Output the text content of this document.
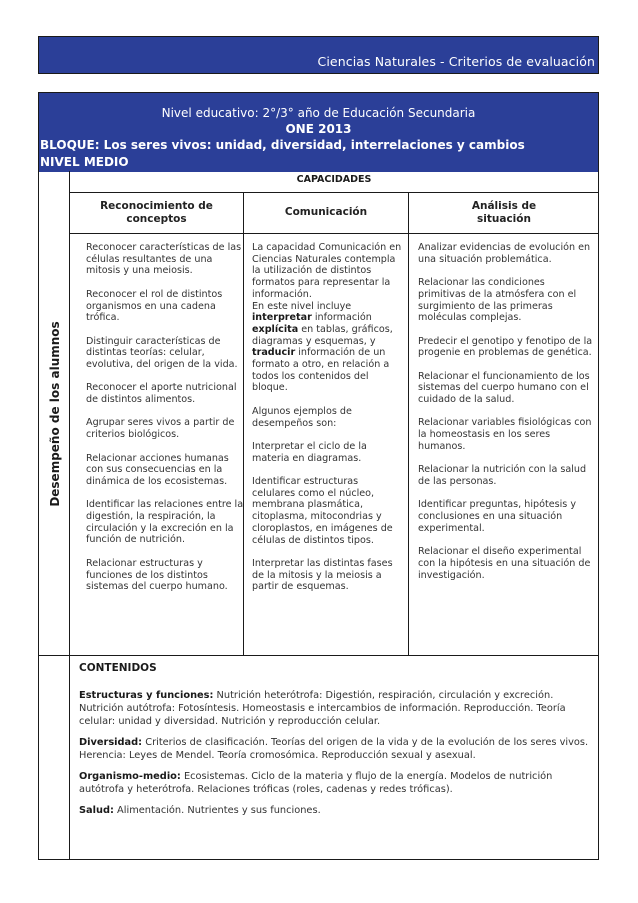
Ciencias Naturales - Criterios de evaluación
Nivel educativo: 2°/3° año de Educación Secundaria
ONE 2013
BLOQUE: Los seres vivos: unidad, diversidad, interrelaciones y cambios
NIVEL MEDIO
Desempeño de los alumnos
CAPACIDADES
Reconocimiento de
conceptos
Comunicación	Análisis de
situación

Reconocer características de las células resultantes de una mitosis y una meiosis.

Reconocer el rol de distintos organismos en una cadena trófica.

Distinguir características de distintas teorías: celular, evolutiva, del origen de la vida.

Reconocer el aporte nutricional de distintos alimentos.

Agrupar seres vivos a partir de criterios biológicos.

Relacionar acciones humanas con sus consecuencias en la dinámica de los ecosistemas.

Identificar las relaciones entre la digestión, la respiración, la circulación y la excreción en la función de nutrición.

Relacionar estructuras y funciones de los distintos sistemas del cuerpo humano.

La capacidad Comunicación en Ciencias Naturales contempla la utilización de distintos formatos para representar la información.
En este nivel incluye interpretar información explícita en tablas, gráficos, diagramas y esquemas, y traducir información de un formato a otro, en relación a todos los contenidos del bloque.

Algunos ejemplos de desempeños son:

Interpretar el ciclo de la materia en diagramas.

Identificar estructuras celulares como el núcleo, membrana plasmática, citoplasma, mitocondrias y cloroplastos, en imágenes de células de distintos tipos.

Interpretar las distintas fases de la mitosis y la meiosis a partir de esquemas.

Analizar evidencias de evolución en una situación problemática.

Relacionar las condiciones primitivas de la atmósfera con el surgimiento de las primeras moléculas complejas.

Predecir el genotipo y fenotipo de la progenie en problemas de genética.

Relacionar el funcionamiento de los sistemas del cuerpo humano con el cuidado de la salud.

Relacionar variables fisiológicas con la homeostasis en los seres humanos.

Relacionar la nutrición con la salud de las personas.

Identificar preguntas, hipótesis y conclusiones en una situación experimental.

Relacionar el diseño experimental con la hipótesis en una situación de investigación.

CONTENIDOS

Estructuras y funciones: Nutrición heterótrofa: Digestión, respiración, circulación y excreción. Nutrición autótrofa: Fotosíntesis. Homeostasis e intercambios de información. Reproducción. Teoría celular: unidad y diversidad. Nutrición y reproducción celular.

Diversidad: Criterios de clasificación. Teorías del origen de la vida y de la evolución de los seres vivos. Herencia: Leyes de Mendel. Teoría cromosómica. Reproducción sexual y asexual.

Organismo-medio: Ecosistemas. Ciclo de la materia y flujo de la energía. Modelos de nutrición autótrofa y heterótrofa. Relaciones tróficas (roles, cadenas y redes tróficas).

Salud: Alimentación. Nutrientes y sus funciones.
